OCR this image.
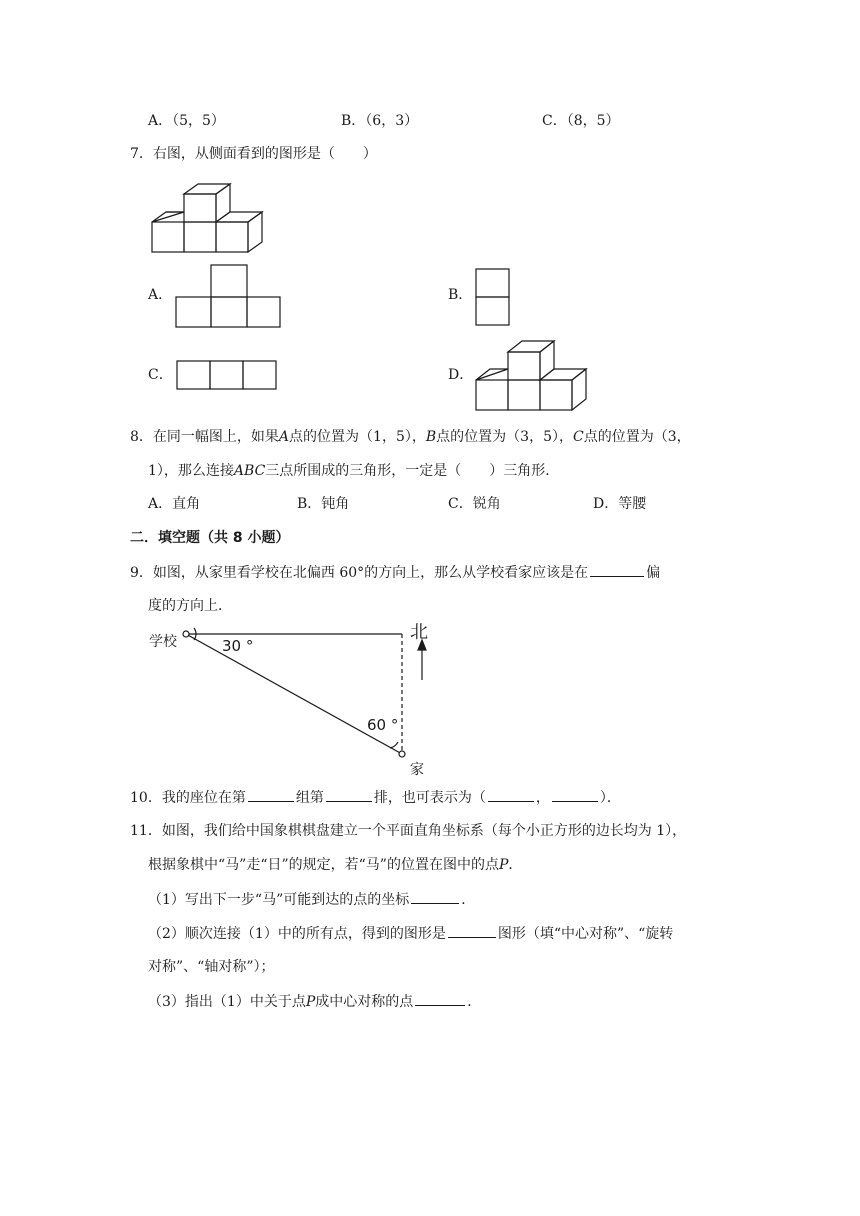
A．（5，5）	B．（6，3）	C．（8，5）
7．右图，从侧面看到的图形是（　　）
A．	B．
C．	D．
8．在同一幅图上，如果A点的位置为（1，5），B点的位置为（3，5），C点的位置为（3，
1），那么连接ABC三点所围成的三角形，一定是（　　）三角形．
A．直角	B．钝角	C．锐角	D．等腰
二．填空题（共 8 小题）
9．如图，从家里看学校在北偏西 60°的方向上，那么从学校看家应该是在	偏
度的方向上．
学校	30 °
北
60 °
家
10．我的座位在第	组第	排，也可表示为（	，	）．
11．如图，我们给中国象棋棋盘建立一个平面直角坐标系（每个小正方形的边长均为 1），
根据象棋中“马”走“日”的规定，若“马”的位置在图中的点P．
（1）写出下一步“马”可能到达的点的坐标	．
（2）顺次连接（1）中的所有点，得到的图形是	图形（填“中心对称”、“旋转
对称”、“轴对称”）；
（3）指出（1）中关于点P成中心对称的点	．
